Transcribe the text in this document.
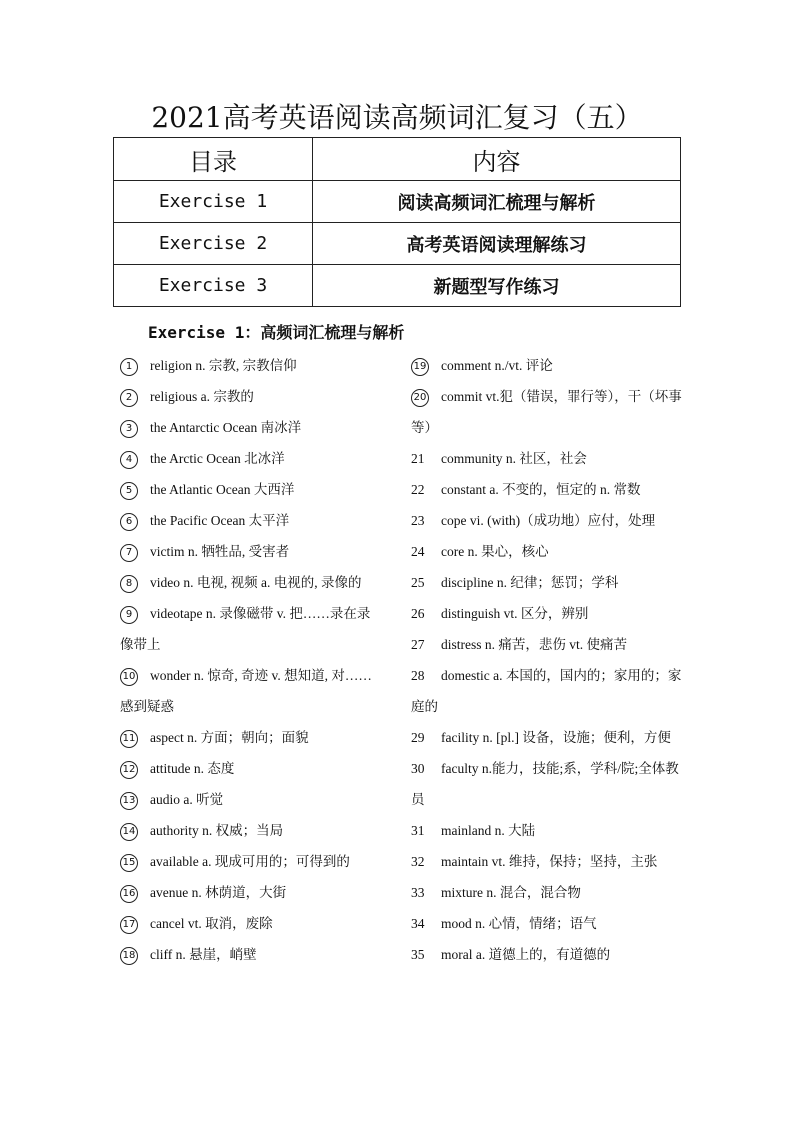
2021高考英语阅读高频词汇复习（五）
目录	内容
Exercise 1	阅读高频词汇梳理与解析
Exercise 2	高考英语阅读理解练习
Exercise 3	新题型写作练习
Exercise 1：高频词汇梳理与解析
1 religion n. 宗教, 宗教信仰
2 religious a. 宗教的
3 the Antarctic Ocean 南冰洋
4 the Arctic Ocean 北冰洋
5 the Atlantic Ocean 大西洋
6 the Pacific Ocean 太平洋
7 victim n. 牺牲品, 受害者
8 video n. 电视, 视频 a. 电视的, 录像的
9 videotape n. 录像磁带 v. 把……录在录像带上
10 wonder n. 惊奇, 奇迹 v. 想知道, 对……感到疑惑
11 aspect n. 方面；朝向；面貌
12 attitude n. 态度
13 audio a. 听觉
14 authority n. 权威；当局
15 available a. 现成可用的；可得到的
16 avenue n. 林荫道，大街
17 cancel vt. 取消，废除
18 cliff n. 悬崖，峭壁
19 comment n./vt. 评论
20 commit vt.犯（错误，罪行等），干（坏事等）
21 community n. 社区，社会
22 constant a. 不变的，恒定的 n. 常数
23 cope vi. (with)（成功地）应付，处理
24 core n. 果心，核心
25 discipline n. 纪律；惩罚；学科
26 distinguish vt. 区分，辨别
27 distress n. 痛苦，悲伤 vt. 使痛苦
28 domestic a. 本国的，国内的；家用的；家庭的
29 facility n. [pl.] 设备，设施；便利，方便
30 faculty n.能力，技能;系，学科/院;全体教员
31 mainland n. 大陆
32 maintain vt. 维持，保持；坚持，主张
33 mixture n. 混合，混合物
34 mood n. 心情，情绪；语气
35 moral a. 道德上的，有道德的
